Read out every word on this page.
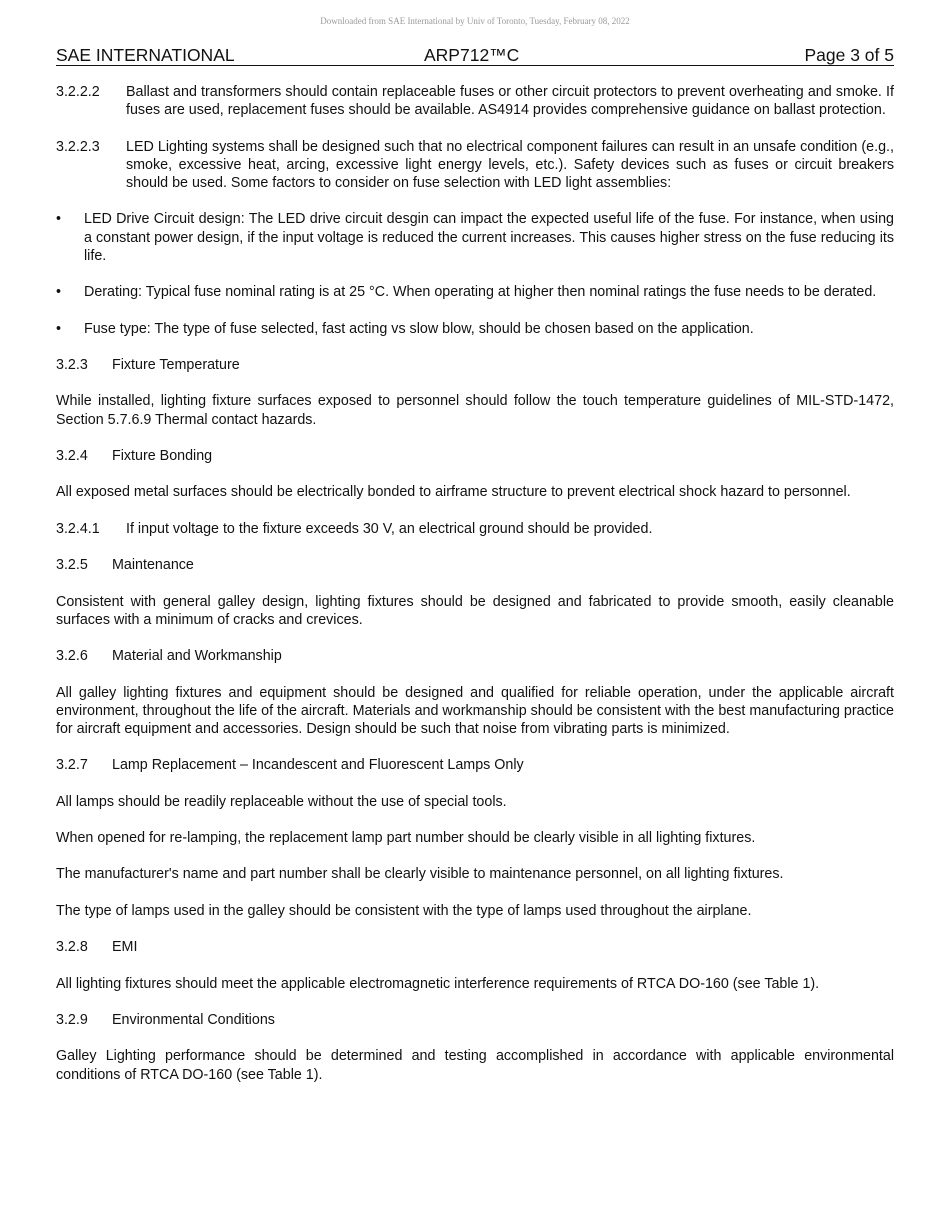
Downloaded from SAE International by Univ of Toronto, Tuesday, February 08, 2022
SAE INTERNATIONAL	ARP712™C	Page 3 of 5
3.2.2.2	Ballast and transformers should contain replaceable fuses or other circuit protectors to prevent overheating and smoke. If fuses are used, replacement fuses should be available. AS4914 provides comprehensive guidance on ballast protection.
3.2.2.3	LED Lighting systems shall be designed such that no electrical component failures can result in an unsafe condition (e.g., smoke, excessive heat, arcing, excessive light energy levels, etc.). Safety devices such as fuses or circuit breakers should be used. Some factors to consider on fuse selection with LED light assemblies:
•	LED Drive Circuit design: The LED drive circuit desgin can impact the expected useful life of the fuse. For instance, when using a constant power design, if the input voltage is reduced the current increases. This causes higher stress on the fuse reducing its life.
•	Derating: Typical fuse nominal rating is at 25 °C. When operating at higher then nominal ratings the fuse needs to be derated.
•	Fuse type: The type of fuse selected, fast acting vs slow blow, should be chosen based on the application.
3.2.3	Fixture Temperature

While installed, lighting fixture surfaces exposed to personnel should follow the touch temperature guidelines of MIL-STD-1472, Section 5.7.6.9 Thermal contact hazards.

3.2.4	Fixture Bonding

All exposed metal surfaces should be electrically bonded to airframe structure to prevent electrical shock hazard to personnel.

3.2.4.1	If input voltage to the fixture exceeds 30 V, an electrical ground should be provided.
3.2.5	Maintenance

Consistent with general galley design, lighting fixtures should be designed and fabricated to provide smooth, easily cleanable surfaces with a minimum of cracks and crevices.

3.2.6	Material and Workmanship

All galley lighting fixtures and equipment should be designed and qualified for reliable operation, under the applicable aircraft environment, throughout the life of the aircraft. Materials and workmanship should be consistent with the best manufacturing practice for aircraft equipment and accessories. Design should be such that noise from vibrating parts is minimized.

3.2.7	Lamp Replacement – Incandescent and Fluorescent Lamps Only

All lamps should be readily replaceable without the use of special tools.

When opened for re-lamping, the replacement lamp part number should be clearly visible in all lighting fixtures.

The manufacturer's name and part number shall be clearly visible to maintenance personnel, on all lighting fixtures.

The type of lamps used in the galley should be consistent with the type of lamps used throughout the airplane.

3.2.8	EMI

All lighting fixtures should meet the applicable electromagnetic interference requirements of RTCA DO-160 (see Table 1).

3.2.9	Environmental Conditions

Galley Lighting performance should be determined and testing accomplished in accordance with applicable environmental conditions of RTCA DO-160 (see Table 1).
